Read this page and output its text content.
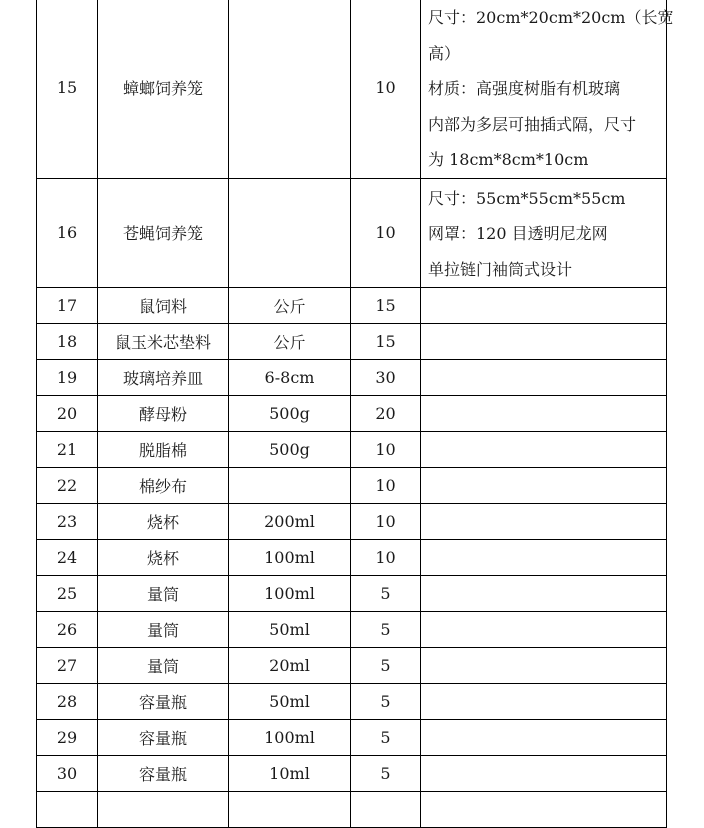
15	蟑螂饲养笼		10	尺寸：20cm*20cm*20cm（长宽
高）
材质：高强度树脂有机玻璃
内部为多层可抽插式隔，尺寸
为 18cm*8cm*10cm

16	苍蝇饲养笼		10	尺寸：55cm*55cm*55cm
网罩：120 目透明尼龙网
单拉链门袖筒式设计

17	鼠饲料	公斤	15	
18	鼠玉米芯垫料	公斤	15	
19	玻璃培养皿	6-8cm	30	
20	酵母粉	500g	20	
21	脱脂棉	500g	10	
22	棉纱布		10	
23	烧杯	200ml	10	
24	烧杯	100ml	10	
25	量筒	100ml	5	
26	量筒	50ml	5	
27	量筒	20ml	5	
28	容量瓶	50ml	5	
29	容量瓶	100ml	5	
30	容量瓶	10ml	5	
